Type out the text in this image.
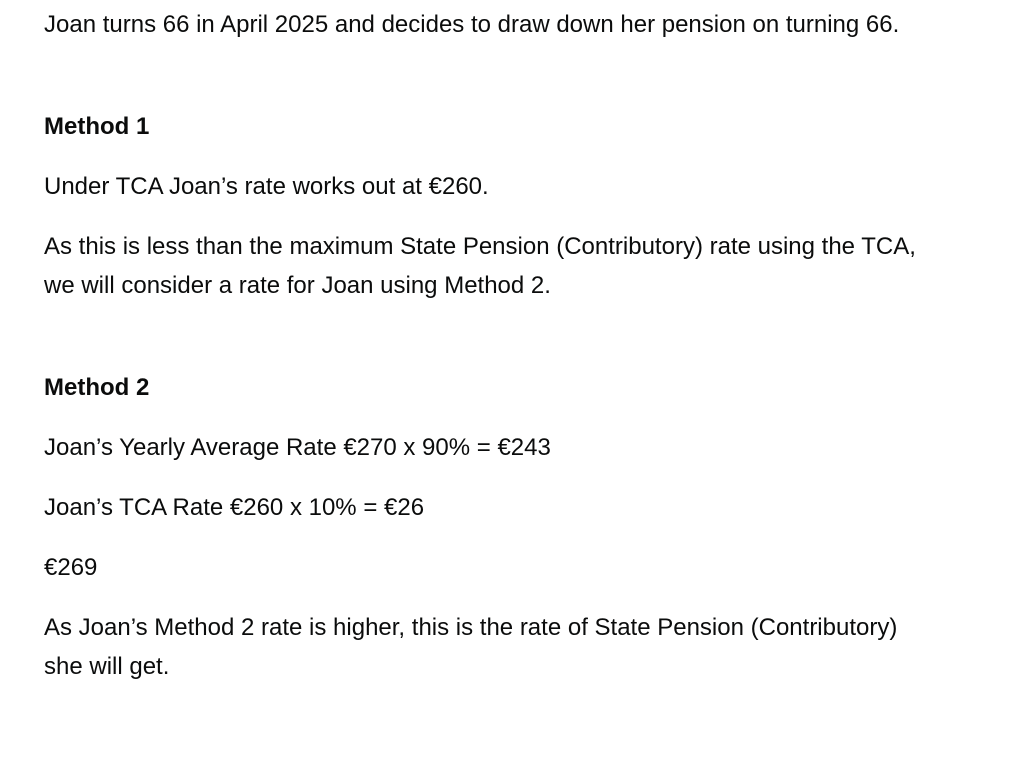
Joan turns 66 in April 2025 and decides to draw down her pension on turning 66.

Method 1

Under TCA Joan’s rate works out at €260.

As this is less than the maximum State Pension (Contributory) rate using the TCA, we will consider a rate for Joan using Method 2.

Method 2

Joan’s Yearly Average Rate €270 x 90% = €243

Joan’s TCA Rate €260 x 10% = €26

€269

As Joan’s Method 2 rate is higher, this is the rate of State Pension (Contributory) she will get.
